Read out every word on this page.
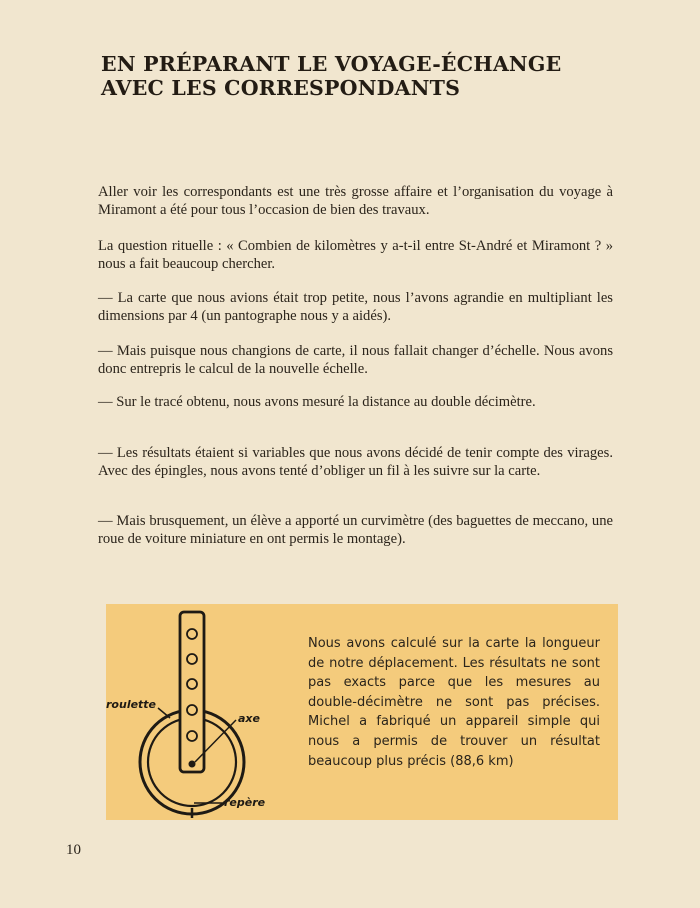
EN PRÉPARANT LE VOYAGE-ÉCHANGE
AVEC LES CORRESPONDANTS

Aller voir les correspondants est une très grosse affaire et l’organisation du voyage à Miramont a été pour tous l’occasion de bien des travaux.

La question rituelle : « Combien de kilomètres y a-t-il entre St-André et Miramont ? » nous a fait beaucoup chercher.

— La carte que nous avions était trop petite, nous l’avons agrandie en multipliant les dimensions par 4 (un pantographe nous y a aidés).

— Mais puisque nous changions de carte, il nous fallait changer d’échelle. Nous avons donc entrepris le calcul de la nouvelle échelle.

— Sur le tracé obtenu, nous avons mesuré la distance au double décimètre.

— Les résultats étaient si variables que nous avons décidé de tenir compte des virages. Avec des épingles, nous avons tenté d’obliger un fil à les suivre sur la carte.

— Mais brusquement, un élève a apporté un curvimètre (des baguettes de meccano, une roue de voiture miniature en ont permis le montage).

roulette
axe
repère

Nous avons calculé sur la carte la longueur de notre déplacement. Les résultats ne sont pas exacts parce que les mesures au double-décimètre ne sont pas précises. Michel a fabriqué un appareil simple qui nous a permis de trouver un résultat beaucoup plus précis (88,6 km)

10
